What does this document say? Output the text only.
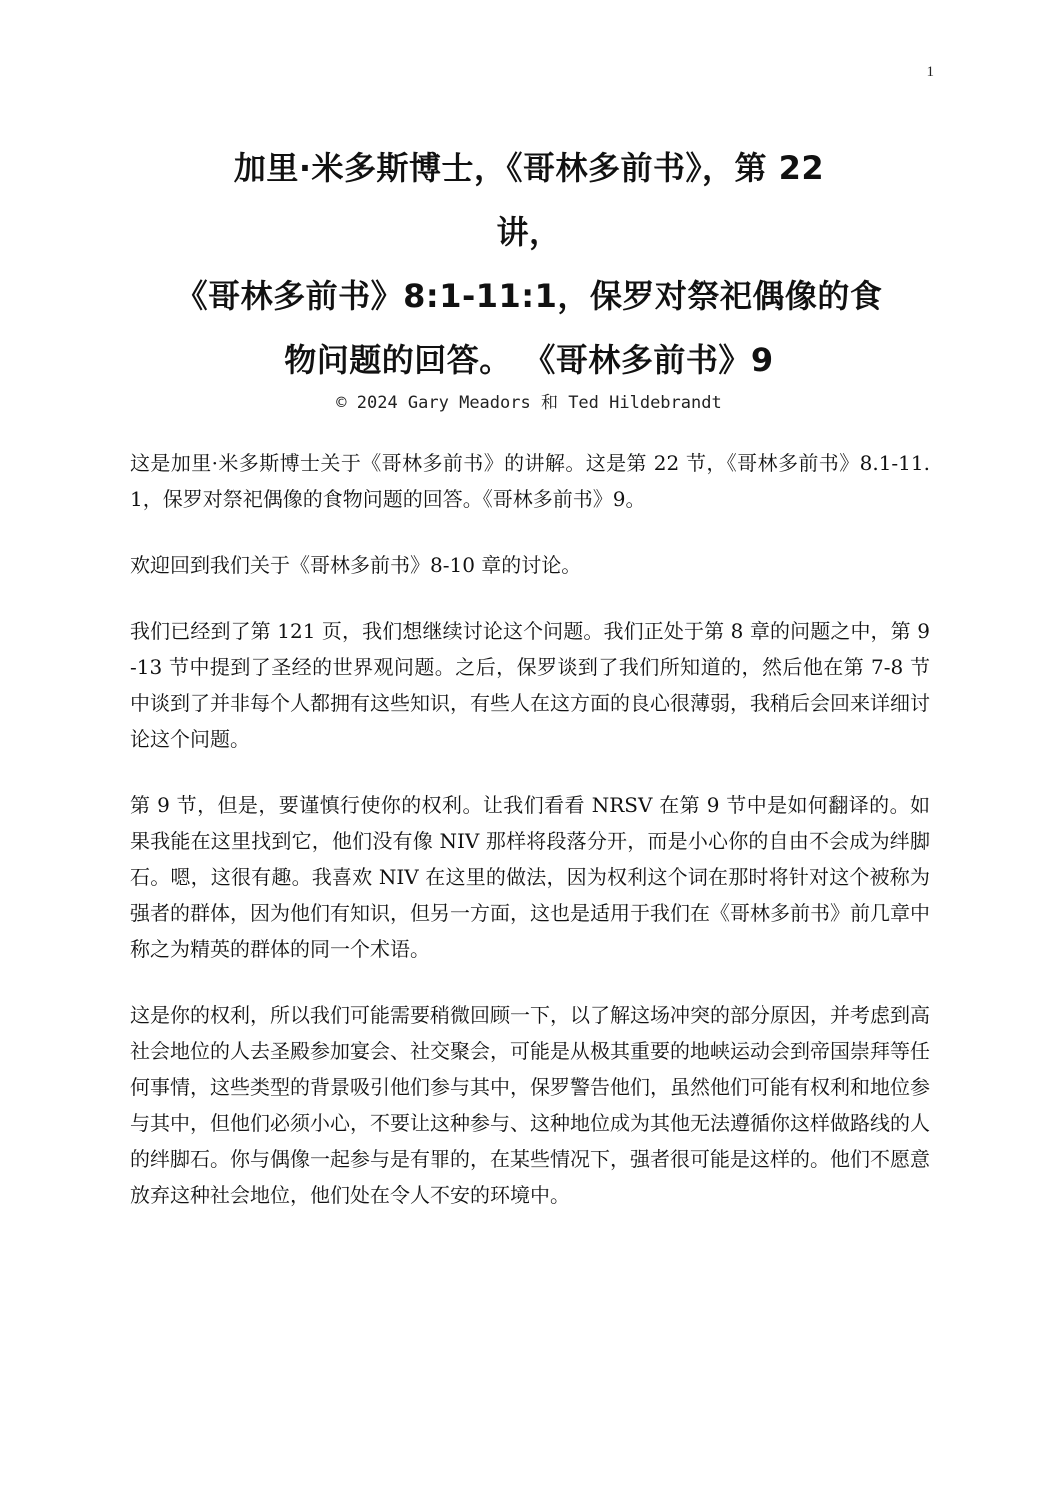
1
加里·米多斯博士，《哥林多前书》，第 22
讲，
《哥林多前书》8:1-11:1，保罗对祭祀偶像的食
物问题的回答。 《哥林多前书》9
© 2024 Gary Meadors 和 Ted Hildebrandt

这是加里·米多斯博士关于《哥林多前书》的讲解。这是第 22 节，《哥林多前书》8.1-11.1，保罗对祭祀偶像的食物问题的回答。《哥林多前书》9。

欢迎回到我们关于《哥林多前书》8-10 章的讨论。

我们已经到了第 121 页，我们想继续讨论这个问题。我们正处于第 8 章的问题之中，第 9-13 节中提到了圣经的世界观问题。之后，保罗谈到了我们所知道的，然后他在第 7-8 节中谈到了并非每个人都拥有这些知识，有些人在这方面的良心很薄弱，我稍后会回来详细讨论这个问题。

第 9 节，但是，要谨慎行使你的权利。让我们看看 NRSV 在第 9 节中是如何翻译的。如果我能在这里找到它，他们没有像 NIV 那样将段落分开，而是小心你的自由不会成为绊脚石。嗯，这很有趣。我喜欢 NIV 在这里的做法，因为权利这个词在那时将针对这个被称为强者的群体，因为他们有知识，但另一方面，这也是适用于我们在《哥林多前书》前几章中称之为精英的群体的同一个术语。

这是你的权利，所以我们可能需要稍微回顾一下，以了解这场冲突的部分原因，并考虑到高社会地位的人去圣殿参加宴会、社交聚会，可能是从极其重要的地峡运动会到帝国崇拜等任何事情，这些类型的背景吸引他们参与其中，保罗警告他们，虽然他们可能有权利和地位参与其中，但他们必须小心，不要让这种参与、这种地位成为其他无法遵循你这样做路线的人的绊脚石。你与偶像一起参与是有罪的，在某些情况下，强者很可能是这样的。他们不愿意放弃这种社会地位，他们处在令人不安的环境中。
